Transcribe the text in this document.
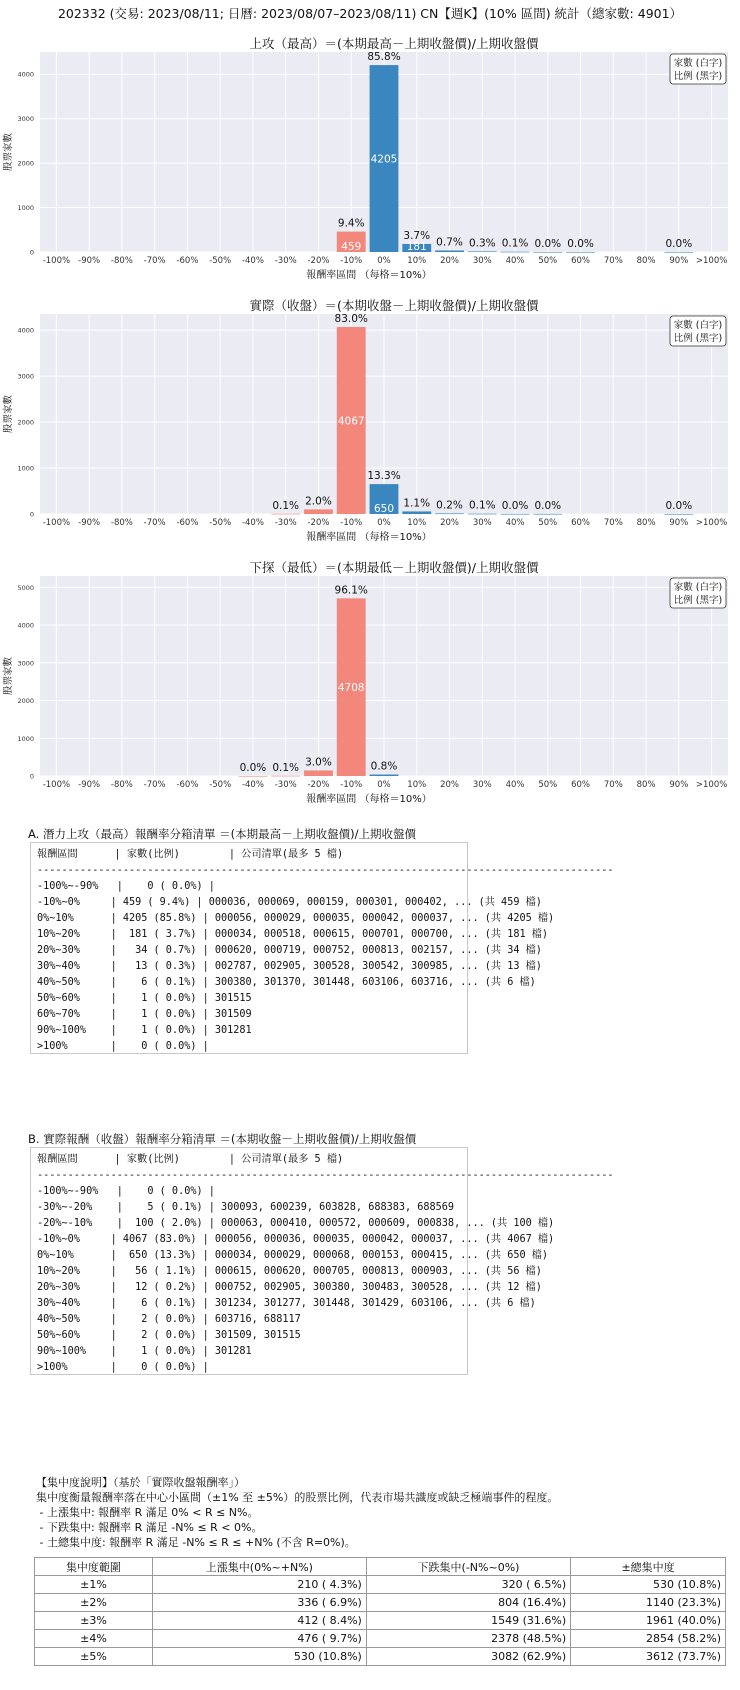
202332 (交易: 2023/08/11; 日曆: 2023/08/07–2023/08/11) CN【週K】(10% 區間) 統計（總家數: 4901）
上攻（最高）＝(本期最高－上期收盤價)/上期收盤價
0
1000
2000
3000
4000
股票家數
-100% -90% -80% -70% -60% -50% -40% -30% -20%
459
9.4%
-10%
4205
85.8%
0%
181
3.7%
10%
0.7%
20%
0.3%
30%
0.1%
40%
0.0%
50%
0.0%
60% 70% 80%
0.0%
90% >100%
報酬率區間 （每格＝10%）
家數 (白字)
比例 (黑字)
實際（收盤）＝(本期收盤－上期收盤價)/上期收盤價
0
1000
2000
3000
4000
股票家數
-100% -90% -80% -70% -60% -50% -40%
0.1%
-30%
2.0%
-20%
4067
83.0%
-10%
650
13.3%
0%
1.1%
10%
0.2%
20%
0.1%
30%
0.0%
40%
0.0%
50% 60% 70% 80%
0.0%
90% >100%
報酬率區間 （每格＝10%）
家數 (白字)
比例 (黑字)
下探（最低）＝(本期最低－上期收盤價)/上期收盤價
0
1000
2000
3000
4000
5000
股票家數
-100% -90% -80% -70% -60% -50%
0.0%
-40%
0.1%
-30%
3.0%
-20%
4708
96.1%
-10%
0.8%
0% 10% 20% 30% 40% 50% 60% 70% 80% 90% >100%
報酬率區間 （每格＝10%）
家數 (白字)
比例 (黑字)
A. 潛力上攻（最高）報酬率分箱清單 ＝(本期最高－上期收盤價)/上期收盤價
報酬區間      | 家數(比例)        | 公司清單(最多 5 檔)
----------------------------------------------------------------------------------------------
-100%~-90%   |    0 ( 0.0%) |
-10%~0%     | 459 ( 9.4%) | 000036, 000069, 000159, 000301, 000402, ... (共 459 檔)
0%~10%      | 4205 (85.8%) | 000056, 000029, 000035, 000042, 000037, ... (共 4205 檔)
10%~20%     |  181 ( 3.7%) | 000034, 000518, 000615, 000701, 000700, ... (共 181 檔)
20%~30%     |   34 ( 0.7%) | 000620, 000719, 000752, 000813, 002157, ... (共 34 檔)
30%~40%     |   13 ( 0.3%) | 002787, 002905, 300528, 300542, 300985, ... (共 13 檔)
40%~50%     |    6 ( 0.1%) | 300380, 301370, 301448, 603106, 603716, ... (共 6 檔)
50%~60%     |    1 ( 0.0%) | 301515
60%~70%     |    1 ( 0.0%) | 301509
90%~100%    |    1 ( 0.0%) | 301281
>100%       |    0 ( 0.0%) |
B. 實際報酬（收盤）報酬率分箱清單 ＝(本期收盤－上期收盤價)/上期收盤價
報酬區間      | 家數(比例)        | 公司清單(最多 5 檔)
----------------------------------------------------------------------------------------------
-100%~-90%   |    0 ( 0.0%) |
-30%~-20%    |    5 ( 0.1%) | 300093, 600239, 603828, 688383, 688569
-20%~-10%    |  100 ( 2.0%) | 000063, 000410, 000572, 000609, 000838, ... (共 100 檔)
-10%~0%     | 4067 (83.0%) | 000056, 000036, 000035, 000042, 000037, ... (共 4067 檔)
0%~10%      |  650 (13.3%) | 000034, 000029, 000068, 000153, 000415, ... (共 650 檔)
10%~20%     |   56 ( 1.1%) | 000615, 000620, 000705, 000813, 000903, ... (共 56 檔)
20%~30%     |   12 ( 0.2%) | 000752, 002905, 300380, 300483, 300528, ... (共 12 檔)
30%~40%     |    6 ( 0.1%) | 301234, 301277, 301448, 301429, 603106, ... (共 6 檔)
40%~50%     |    2 ( 0.0%) | 603716, 688117
50%~60%     |    2 ( 0.0%) | 301509, 301515
90%~100%    |    1 ( 0.0%) | 301281
>100%       |    0 ( 0.0%) |
【集中度說明】（基於「實際收盤報酬率」）
集中度衡量報酬率落在中心小區間（±1% 至 ±5%）的股票比例，代表市場共識度或缺乏極端事件的程度。
- 上漲集中: 報酬率 R 滿足 0% < R ≤ N%。
- 下跌集中: 報酬率 R 滿足 -N% ≤ R < 0%。
- 土總集中度: 報酬率 R 滿足 -N% ≤ R ≤ +N% (不含 R=0%)。
集中度範圍	上漲集中(0%~+N%)	下跌集中(-N%~0%)	±總集中度
±1%	210 ( 4.3%)	320 ( 6.5%)	530 (10.8%)
±2%	336 ( 6.9%)	804 (16.4%)	1140 (23.3%)
±3%	412 ( 8.4%)	1549 (31.6%)	1961 (40.0%)
±4%	476 ( 9.7%)	2378 (48.5%)	2854 (58.2%)
±5%	530 (10.8%)	3082 (62.9%)	3612 (73.7%)
